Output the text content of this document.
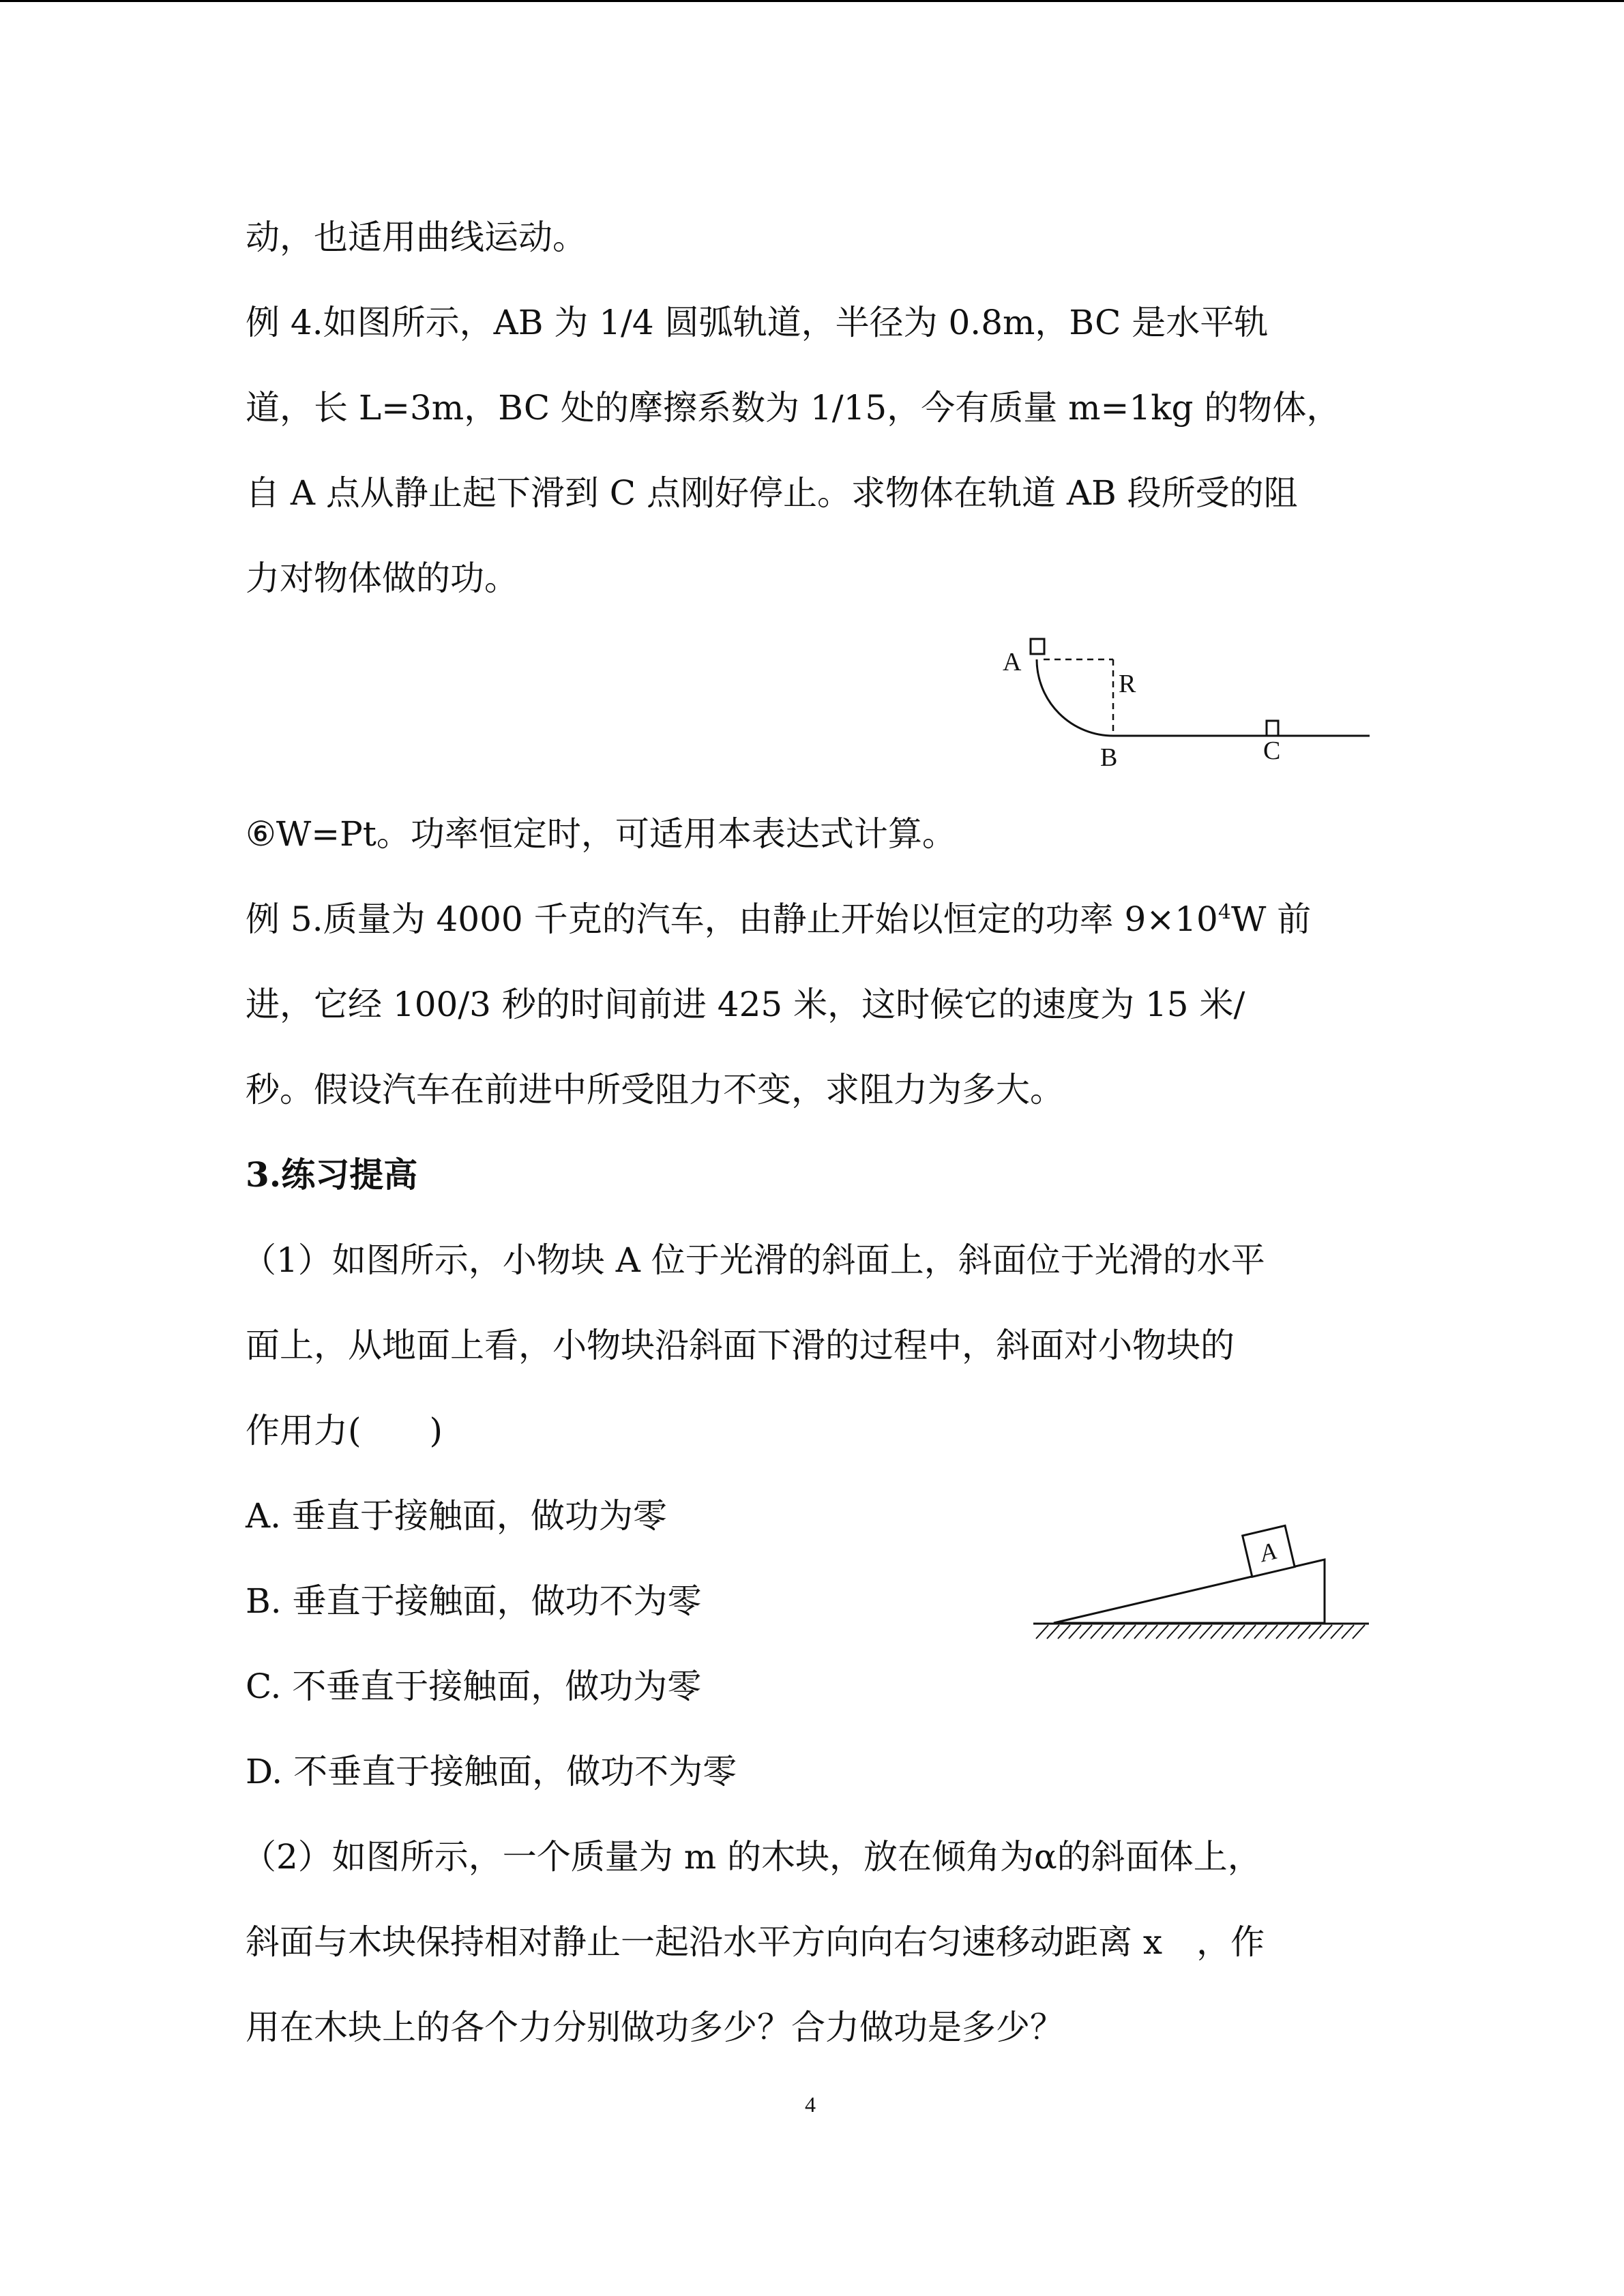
动，也适用曲线运动。
例 4.如图所示，AB 为 1/4 圆弧轨道，半径为 0.8m，BC 是水平轨
道，长 L=3m，BC 处的摩擦系数为 1/15，今有质量 m=1kg 的物体，
自 A 点从静止起下滑到 C 点刚好停止。求物体在轨道 AB 段所受的阻
力对物体做的功。
A
R
B	C
⑥W=Pt。功率恒定时，可适用本表达式计算。
例 5.质量为 4000 千克的汽车，由静止开始以恒定的功率 $9\times 10^4W$ 前
进，它经 100/3 秒的时间前进 425 米，这时候它的速度为 15 米/
秒。假设汽车在前进中所受阻力不变，求阻力为多大。
3.练习提高
（1）如图所示，小物块 A 位于光滑的斜面上，斜面位于光滑的水平
面上，从地面上看，小物块沿斜面下滑的过程中，斜面对小物块的
作用力(　　)
A. 垂直于接触面，做功为零
B. 垂直于接触面，做功不为零
C. 不垂直于接触面，做功为零
D. 不垂直于接触面，做功不为零
A
（2）如图所示，一个质量为 m 的木块，放在倾角为α的斜面体上，
斜面与木块保持相对静止一起沿水平方向向右匀速移动距离 x　，作
用在木块上的各个力分别做功多少？合力做功是多少？
4
